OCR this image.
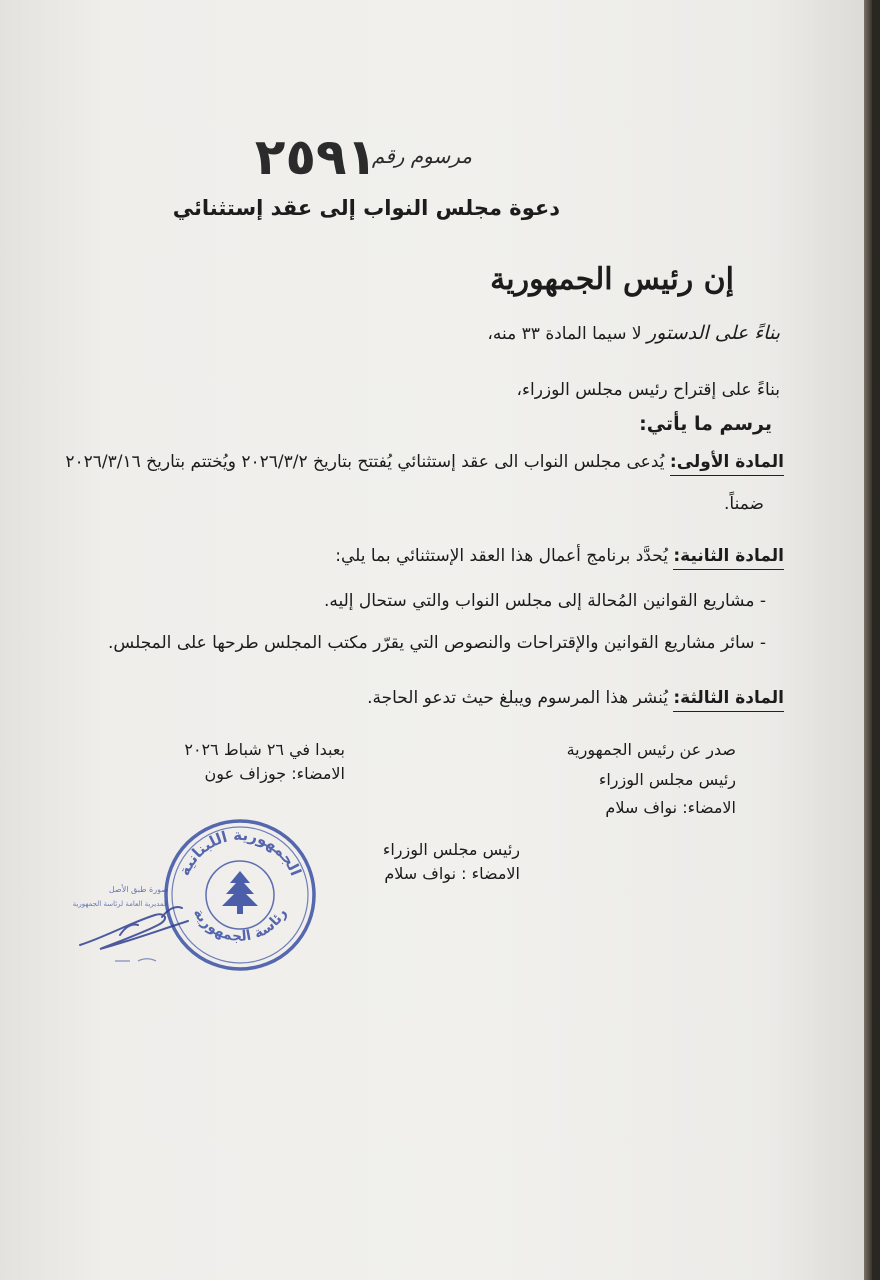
مرسوم رقم
٢٥٩١
دعوة مجلس النواب إلى عقد إستثنائي
إن رئيس الجمهورية
بناءً على الدستور لا سيما المادة ٣٣ منه،
بناءً على إقتراح رئيس مجلس الوزراء،
يرسم ما يأتي:
المادة الأولى: يُدعى مجلس النواب الى عقد إستثنائي يُفتتح بتاريخ ٢٠٢٦/٣/٢ ويُختتم بتاريخ ٢٠٢٦/٣/١٦
ضمناً.
المادة الثانية: يُحدَّد برنامج أعمال هذا العقد الإستثنائي بما يلي:
- مشاريع القوانين المُحالة إلى مجلس النواب والتي ستحال إليه.
- سائر مشاريع القوانين والإقتراحات والنصوص التي يقرّر مكتب المجلس طرحها على المجلس.
المادة الثالثة: يُنشر هذا المرسوم ويبلغ حيث تدعو الحاجة.
بعبدا في ٢٦ شباط ٢٠٢٦
الامضاء: جوزاف عون
صدر عن رئيس الجمهورية
رئيس مجلس الوزراء
الامضاء: نواف سلام
رئيس مجلس الوزراء
الامضاء : نواف سلام
الجمهورية اللبنانية
رئاسة الجمهورية
صورة طبق الأصل
المديرية العامة لرئاسة الجمهورية
